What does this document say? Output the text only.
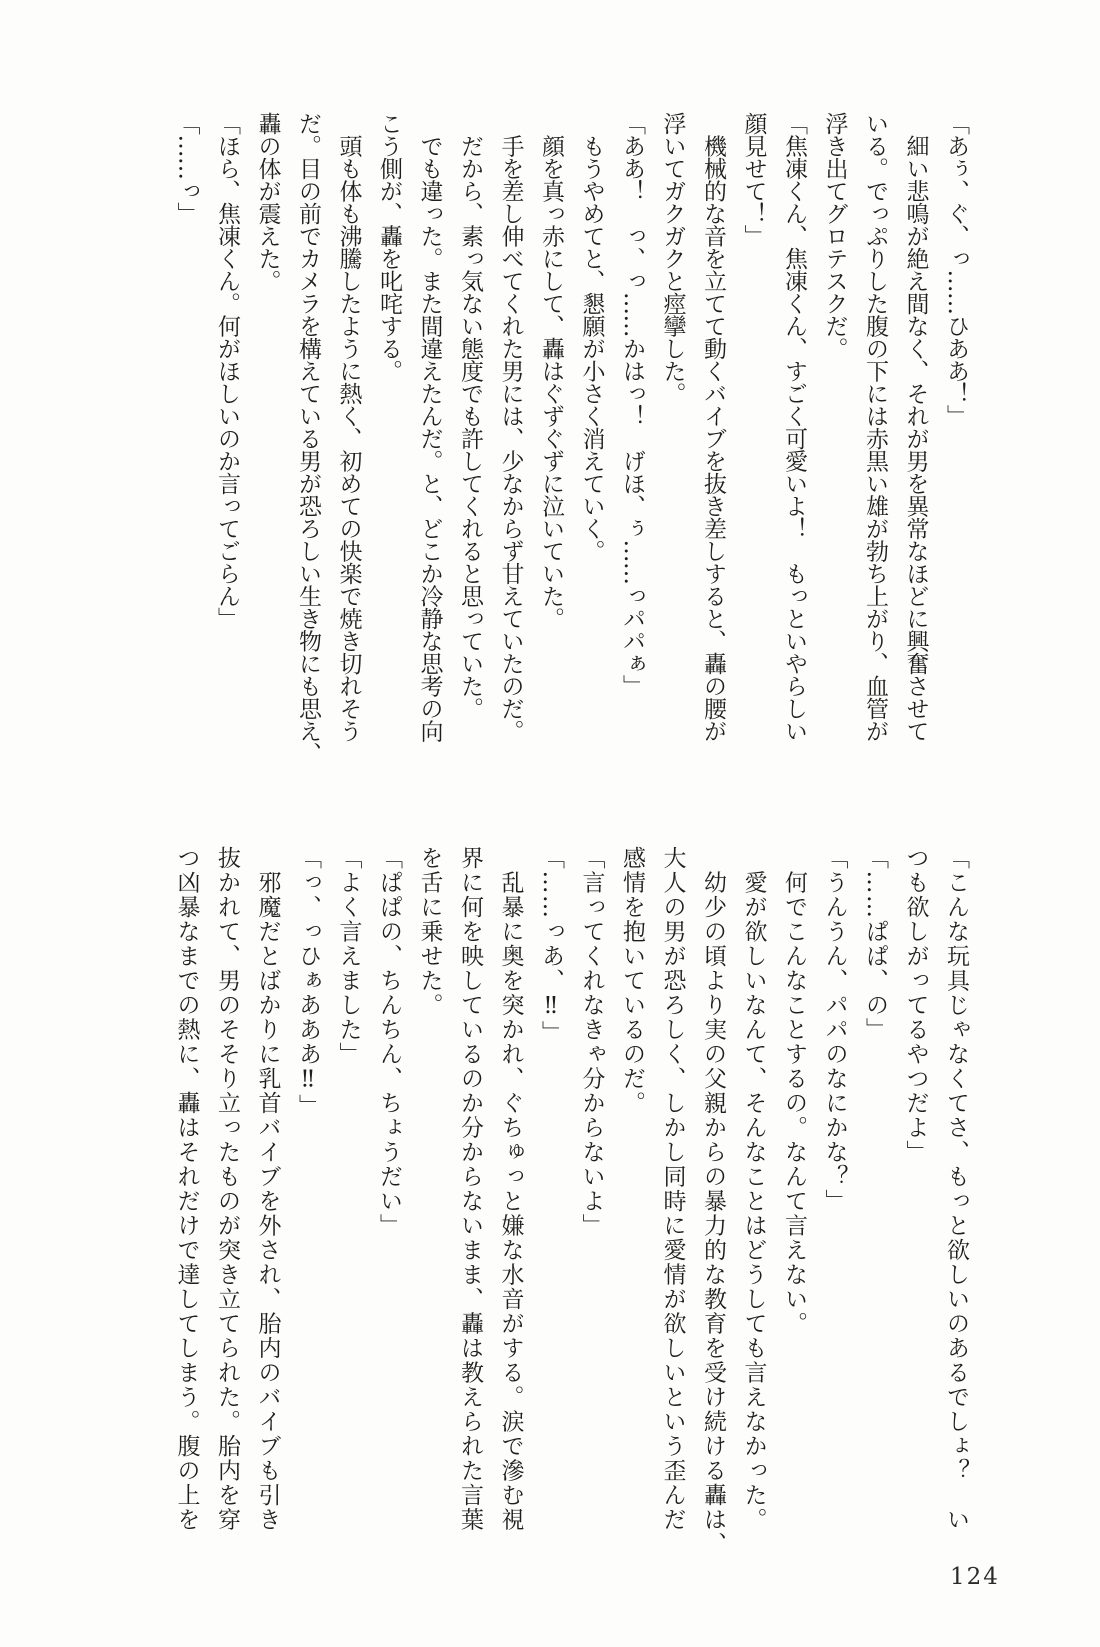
「あぅ、ぐ、っ……ひああ！」

　細い悲鳴が絶え間なく、それが男を異常なほどに興奮させて

いる。でっぷりした腹の下には赤黒い雄が勃ち上がり、血管が

浮き出てグロテスクだ。

「焦凍くん、焦凍くん、すごく可愛いよ！　もっといやらしい

顔見せて！」

　機械的な音を立てて動くバイブを抜き差しすると、轟の腰が

浮いてガクガクと痙攣した。

「ああ！　っ、っ……かはっ！　げほ、ぅ……っパパぁ」

　もうやめてと、懇願が小さく消えていく。

　顔を真っ赤にして、轟はぐずぐずに泣いていた。

　手を差し伸べてくれた男には、少なからず甘えていたのだ。

　だから、素っ気ない態度でも許してくれると思っていた。

　でも違った。また間違えたんだ。と、どこか冷静な思考の向

こう側が、轟を叱咤する。

　頭も体も沸騰したように熱く、初めての快楽で焼き切れそう

だ。目の前でカメラを構えている男が恐ろしい生き物にも思え、

轟の体が震えた。

「ほら、焦凍くん。何がほしいのか言ってごらん」

「……っ」

「こんな玩具じゃなくてさ、もっと欲しいのあるでしょ？　い

つも欲しがってるやつだよ」

「……ぱぱ、の」

「うんうん、パパのなにかな？」

　何でこんなことするの。なんて言えない。

　愛が欲しいなんて、そんなことはどうしても言えなかった。

　幼少の頃より実の父親からの暴力的な教育を受け続ける轟は、

大人の男が恐ろしく、しかし同時に愛情が欲しいという歪んだ

感情を抱いているのだ。

「言ってくれなきゃ分からないよ」

「……っあ、‼」

　乱暴に奥を突かれ、ぐちゅっと嫌な水音がする。涙で滲む視

界に何を映しているのか分からないまま、轟は教えられた言葉

を舌に乗せた。

「ぱぱの、ちんちん、ちょうだい」

「よく言えました」

「っ、っひぁあああ‼」

　邪魔だとばかりに乳首バイブを外され、胎内のバイブも引き

抜かれて、男のそそり立ったものが突き立てられた。胎内を穿

つ凶暴なまでの熱に、轟はそれだけで達してしまう。腹の上を

124
